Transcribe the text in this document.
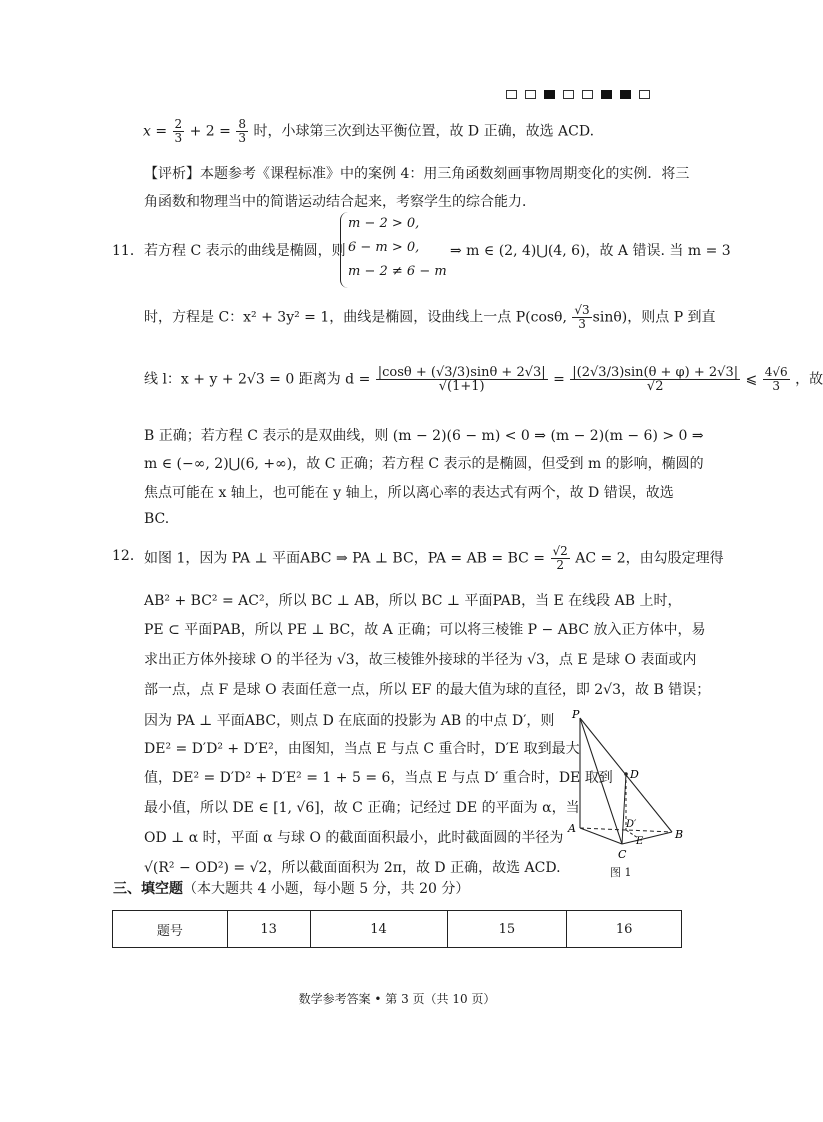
$x = \frac{2}{3} + 2 = \frac{8}{3}$ 时，小球第三次到达平衡位置，故 D 正确，故选 ACD.
【评析】本题参考《课程标准》中的案例 4：用三角函数刻画事物周期变化的实例．将三
角函数和物理当中的简谐运动结合起来，考察学生的综合能力．
11． 若方程 C 表示的曲线是椭圆，则
m − 2 > 0,
6 − m > 0,
m − 2 ≠ 6 − m
⇒ m ∈ (2, 4)⋃(4, 6)，故 A 错误. 当 m = 3
时，方程是 C：x² + 3y² = 1，曲线是椭圆，设曲线上一点 P(cosθ, $\frac{√3}{3} \sin\theta$)，则点 P 到直
线 l：x + y + 2√3 = 0 距离为 $d = \frac{|\cos\theta + (√3/3)\sin\theta + 2√3|}{√(1+1)} = \frac{|(2√3/3)\sin(\theta + \varphi) + 2√3|}{√2}$ ⩽ $\frac{4√6}{3}$ ，故
B 正确；若方程 C 表示的是双曲线，则 (m − 2)(6 − m) < 0 ⇒ (m − 2)(m − 6) > 0 ⇒
m ∈ (−∞, 2)⋃(6, +∞)，故 C 正确；若方程 C 表示的是椭圆，但受到 m 的影响，椭圆的
焦点可能在 x 轴上，也可能在 y 轴上，所以离心率的表达式有两个，故 D 错误，故选
BC.
12． 如图 1，因为 PA ⊥ 平面ABC ⇒ PA ⊥ BC，PA = AB = BC = $\frac{√2}{2}$ AC = 2，由勾股定理得
AB² + BC² = AC²，所以 BC ⊥ AB，所以 BC ⊥ 平面PAB，当 E 在线段 AB 上时，
PE ⊂ 平面PAB，所以 PE ⊥ BC，故 A 正确；可以将三棱锥 P − ABC 放入正方体中，易
求出正方体外接球 O 的半径为 √3，故三棱锥外接球的半径为 √3，点 E 是球 O 表面或内
部一点，点 F 是球 O 表面任意一点，所以 EF 的最大值为球的直径，即 2√3，故 B 错误；
因为 PA ⊥ 平面ABC，则点 D 在底面的投影为 AB 的中点 D′，则
DE² = D′D² + D′E²，由图知，当点 E 与点 C 重合时，D′E 取到最大
值，DE² = D′D² + D′E² = 1 + 5 = 6，当点 E 与点 D′ 重合时，DE 取到
最小值，所以 DE ∈ [1, √6]，故 C 正确；记经过 DE 的平面为 α，当
OD ⊥ α 时，平面 α 与球 O 的截面面积最小，此时截面圆的半径为
√(R² − OD²) = √2，所以截面面积为 2π，故 D 正确，故选 ACD.
P
A	B
C
D
D′
E
图 1
三、填空题（本大题共 4 小题，每小题 5 分，共 20 分）
题号	13	14	15	16
数学参考答案 • 第 3 页（共 10 页）
